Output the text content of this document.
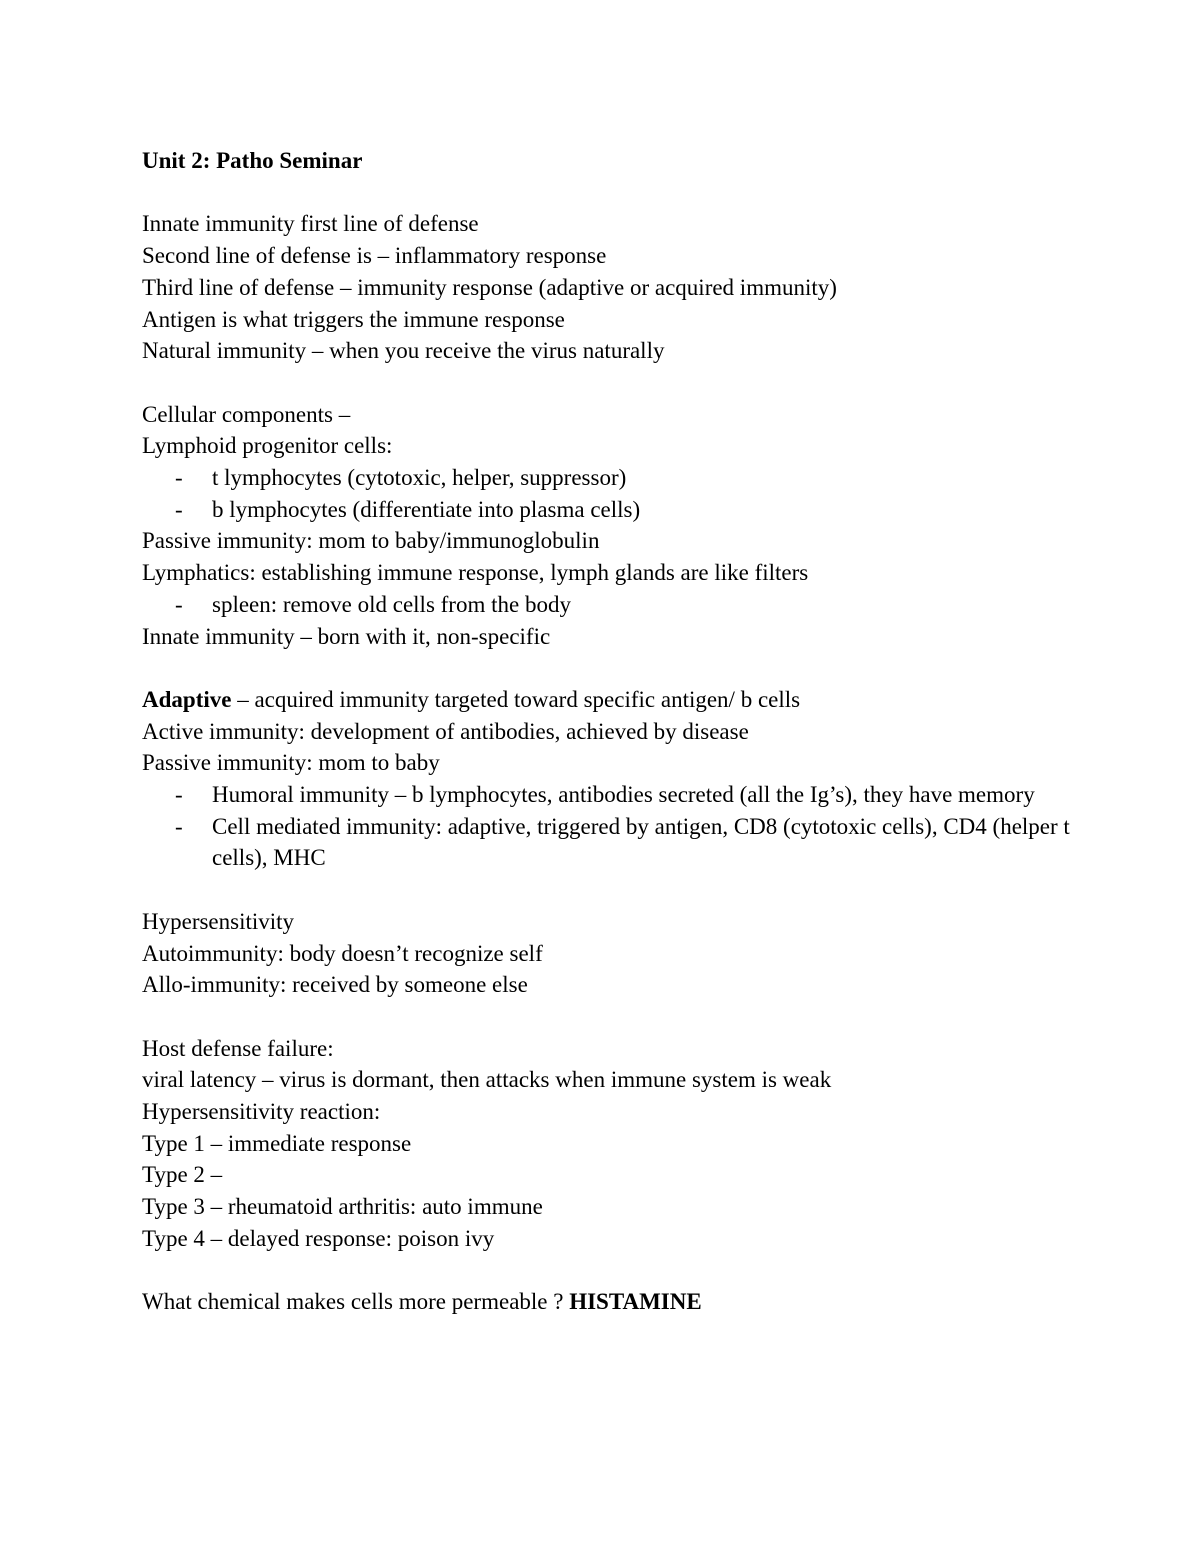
Unit 2: Patho Seminar

Innate immunity first line of defense

Second line of defense is – inflammatory response

Third line of defense – immunity response (adaptive or acquired immunity)

Antigen is what triggers the immune response

Natural immunity – when you receive the virus naturally

Cellular components –

Lymphoid progenitor cells:

- t lymphocytes (cytotoxic, helper, suppressor)

- b lymphocytes (differentiate into plasma cells)

Passive immunity: mom to baby/immunoglobulin

Lymphatics: establishing immune response, lymph glands are like filters

- spleen: remove old cells from the body

Innate immunity – born with it, non-specific

Adaptive – acquired immunity targeted toward specific antigen/ b cells

Active immunity: development of antibodies, achieved by disease

Passive immunity: mom to baby

- Humoral immunity – b lymphocytes, antibodies secreted (all the Ig’s), they have memory

- Cell mediated immunity: adaptive, triggered by antigen, CD8 (cytotoxic cells), CD4 (helper t cells), MHC

Hypersensitivity

Autoimmunity: body doesn’t recognize self

Allo-immunity: received by someone else

Host defense failure:

viral latency – virus is dormant, then attacks when immune system is weak

Hypersensitivity reaction:

Type 1 – immediate response

Type 2 –

Type 3 – rheumatoid arthritis: auto immune

Type 4 – delayed response: poison ivy

What chemical makes cells more permeable ? HISTAMINE
